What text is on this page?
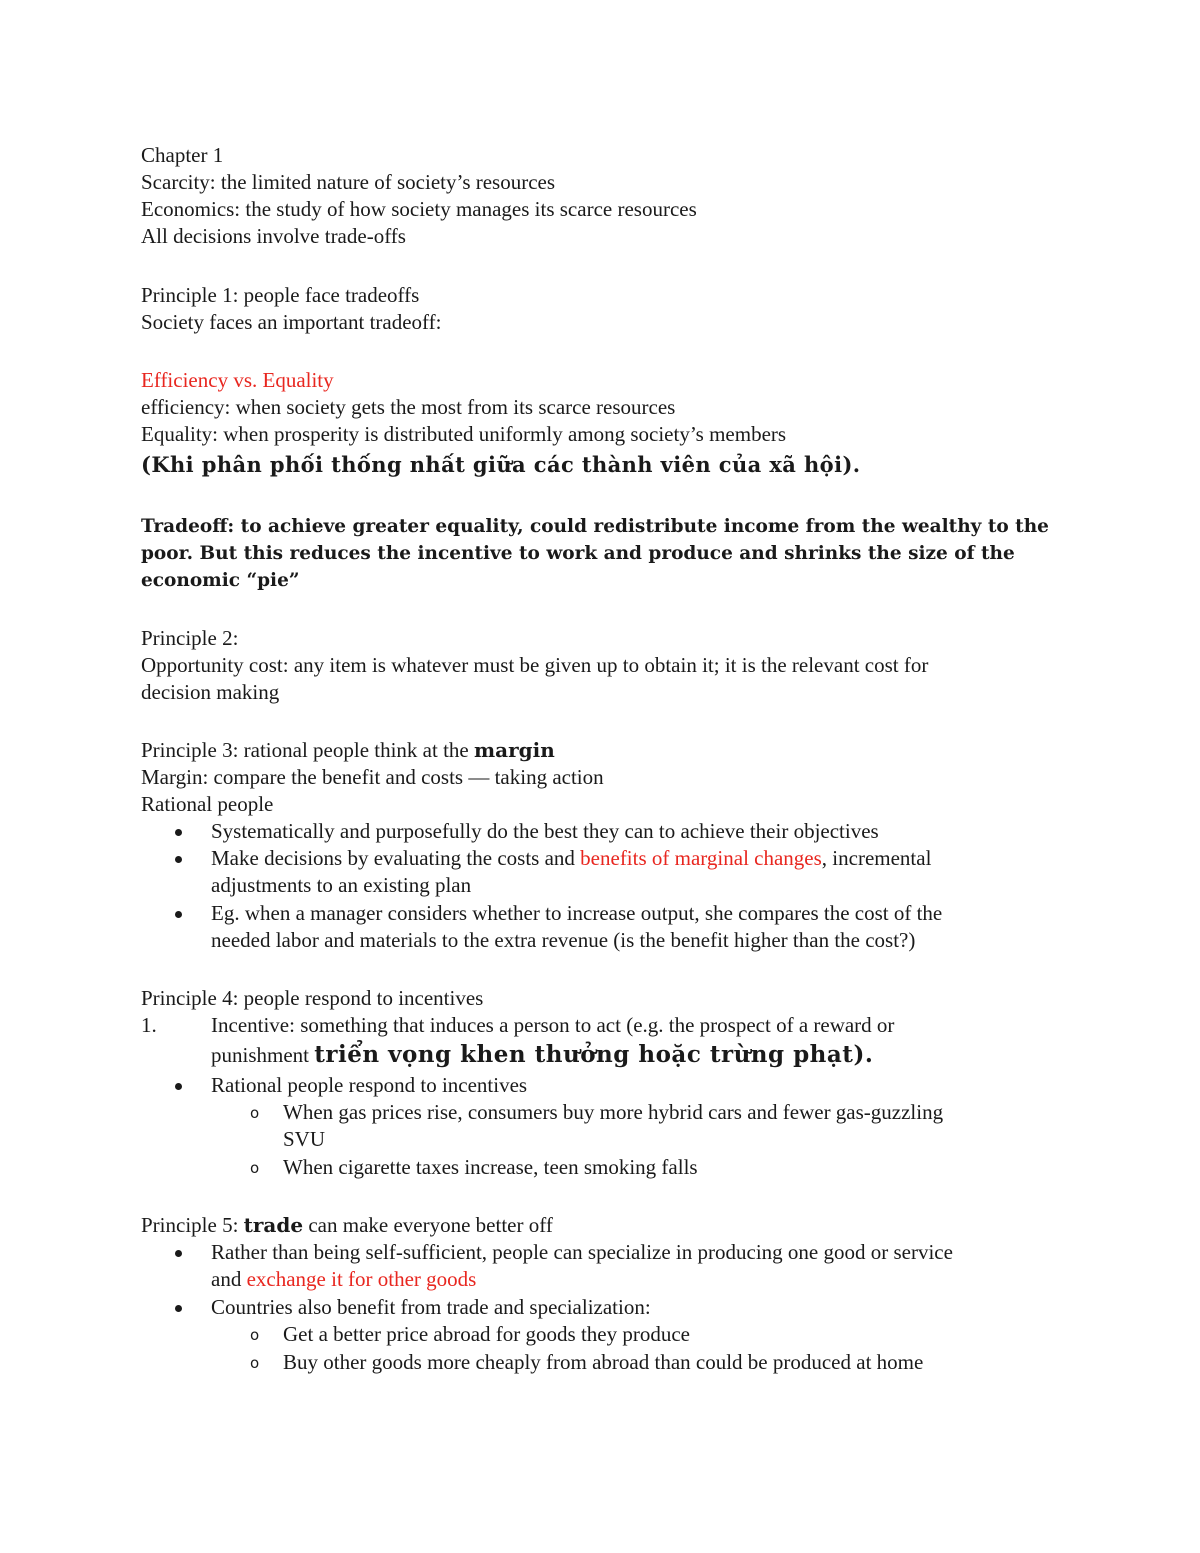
Chapter 1
Scarcity: the limited nature of society’s resources
Economics: the study of how society manages its scarce resources
All decisions involve trade-offs
Principle 1: people face tradeoffs
Society faces an important tradeoff:
Efficiency vs. Equality
efficiency: when society gets the most from its scarce resources
Equality: when prosperity is distributed uniformly among society’s members
(Khi phân phối thống nhất giữa các thành viên của xã hội).
Tradeoff: to achieve greater equality, could redistribute income from the wealthy to the
poor. But this reduces the incentive to work and produce and shrinks the size of the
economic “pie”
Principle 2:
Opportunity cost: any item is whatever must be given up to obtain it; it is the relevant cost for
decision making
Principle 3: rational people think at the margin
Margin: compare the benefit and costs — taking action
Rational people
Systematically and purposefully do the best they can to achieve their objectives
Make decisions by evaluating the costs and benefits of marginal changes, incremental
adjustments to an existing plan
Eg. when a manager considers whether to increase output, she compares the cost of the
needed labor and materials to the extra revenue (is the benefit higher than the cost?)
Principle 4: people respond to incentives
1.	Incentive: something that induces a person to act (e.g. the prospect of a reward or
punishment triển vọng khen thưởng hoặc trừng phạt).
Rational people respond to incentives
o When gas prices rise, consumers buy more hybrid cars and fewer gas-guzzling
SVU
o When cigarette taxes increase, teen smoking falls
Principle 5: trade can make everyone better off
Rather than being self-sufficient, people can specialize in producing one good or service
and exchange it for other goods
Countries also benefit from trade and specialization:
o Get a better price abroad for goods they produce
o Buy other goods more cheaply from abroad than could be produced at home
